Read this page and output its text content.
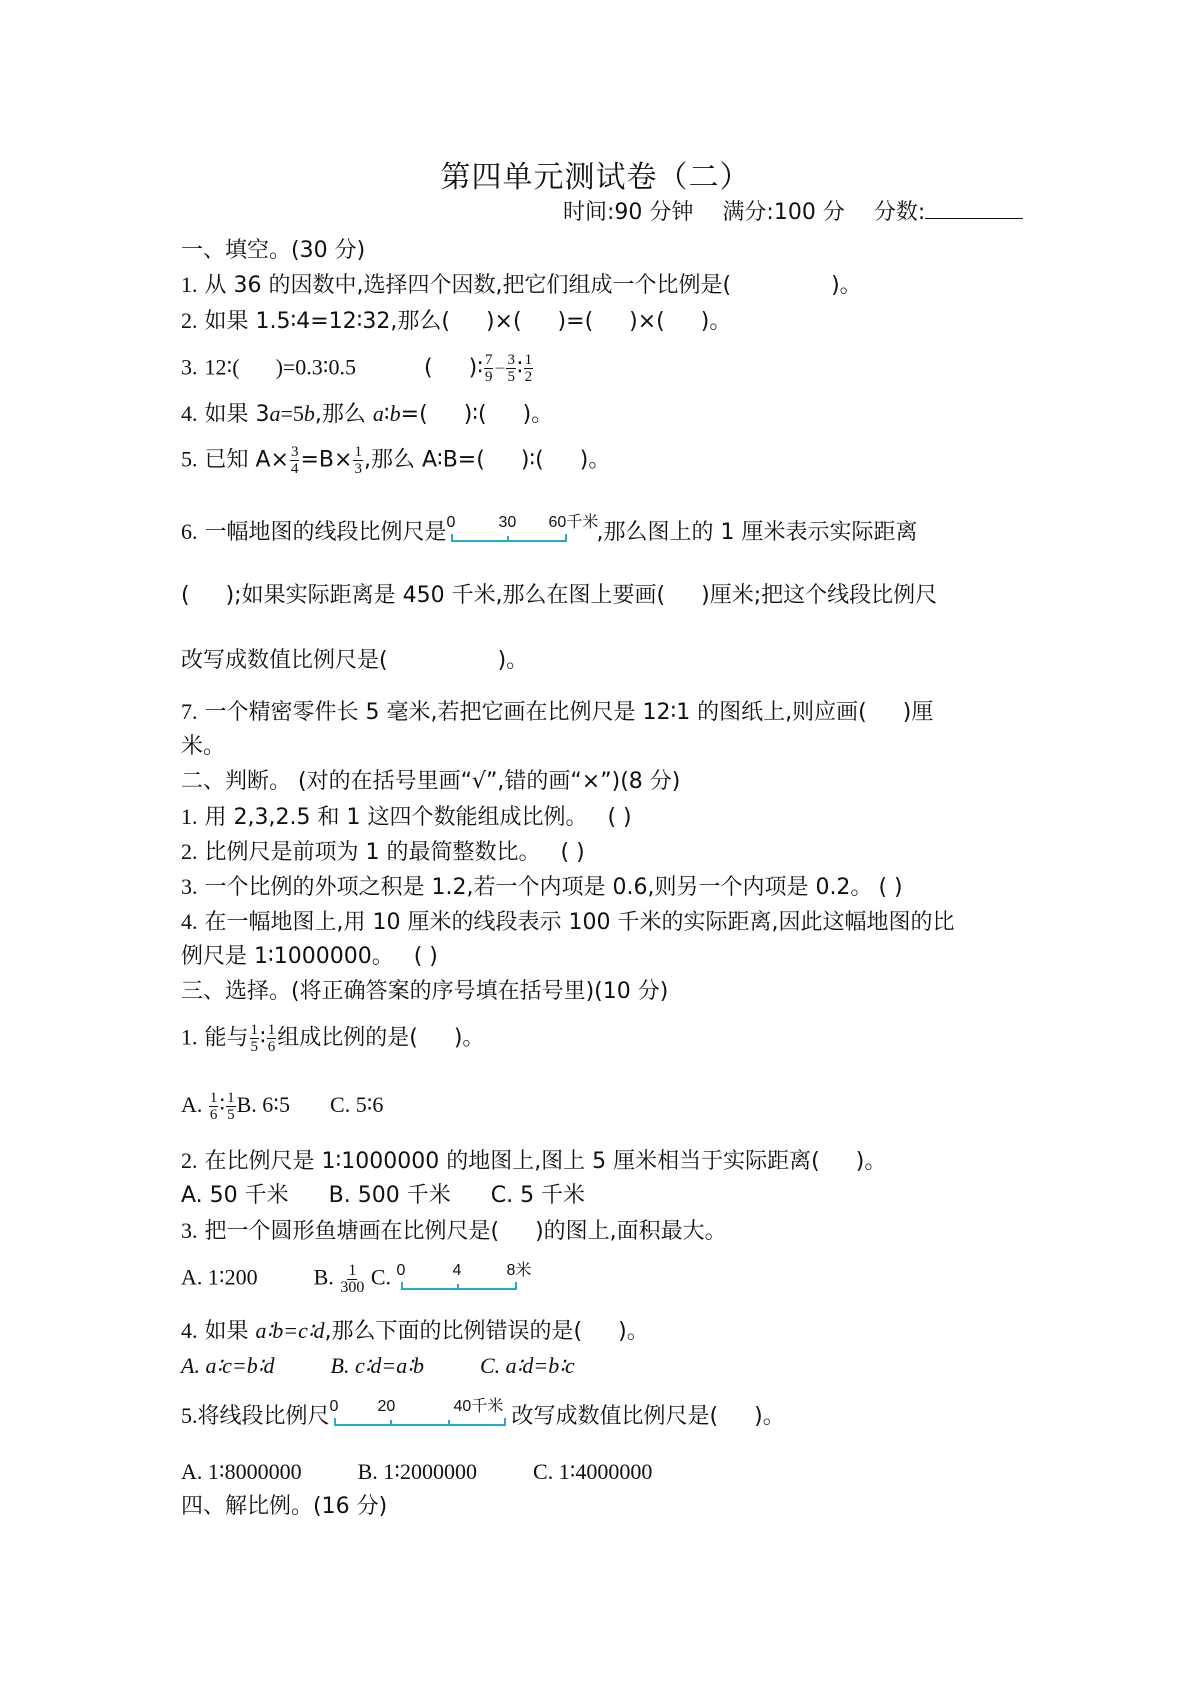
第四单元测试卷（二）
时间:90 分钟 满分:100 分 分数:
一、填空。(30 分)
1. 从 36 的因数中,选择四个因数,把它们组成一个比例是(	)。
2. 如果 1.5∶4=12∶32,那么( )×( )=( )×( )。
3. 12∶( )=0.3∶0.5	( )∶ $\frac{7}{9} - \frac{3}{5}$ ∶ $\frac{1}{2}$
4. 如果 3a=5b,那么 a∶b=( )∶( )。
5. 已知 $A\times \frac{3}{4} =B\times \frac{1}{3}$ ,那么 A∶B=( )∶( )。
6. 一幅地图的线段比例尺是 0	30 60千米
,那么图上的 1 厘米表示实际距离
( );如果实际距离是 450 千米,那么在图上要画( )厘米;把这个线段比例尺
改写成数值比例尺是(	)。
7. 一个精密零件长 5 毫米,若把它画在比例尺是 12∶1 的图纸上,则应画( )厘
米。
二、判断。 (对的在括号里画“√”,错的画“×”)(8 分)
1. 用 2,3,2.5 和 1 这四个数能组成比例。 ( )
2. 比例尺是前项为 1 的最简整数比。 ( )
3. 一个比例的外项之积是 1.2,若一个内项是 0.6,则另一个内项是 0.2。 ( )
4. 在一幅地图上,用 10 厘米的线段表示 100 千米的实际距离,因此这幅地图的比
例尺是 1∶1000000。 ( )
三、选择。(将正确答案的序号填在括号里)(10 分)
1. 能与 $\frac{1}{5}$ ∶ $\frac{1}{6}$ 组成比例的是( )。
A. $\frac{1}{6}$ ∶ $\frac{1}{5} B$. 6∶5 C. 5∶6
2. 在比例尺是 1∶1000000 的地图上,图上 5 厘米相当于实际距离( )。
A. 50 千米 B. 500 千米 C. 5 千米
3. 把一个圆形鱼塘画在比例尺是( )的图上,面积最大。
A. 1∶200	B. $\frac{1}{300} C$. 0	4	8米
4. 如果 a∶b=c∶d,那么下面的比例错误的是( )。
A. a∶c=b∶d	B. c∶d=a∶b	C. a∶d=b∶c
5.将线段比例尺 0 20	40千米 改写成数值比例尺是( )。
A. 1∶8000000	B. 1∶2000000	C. 1∶4000000
四、解比例。(16 分)
